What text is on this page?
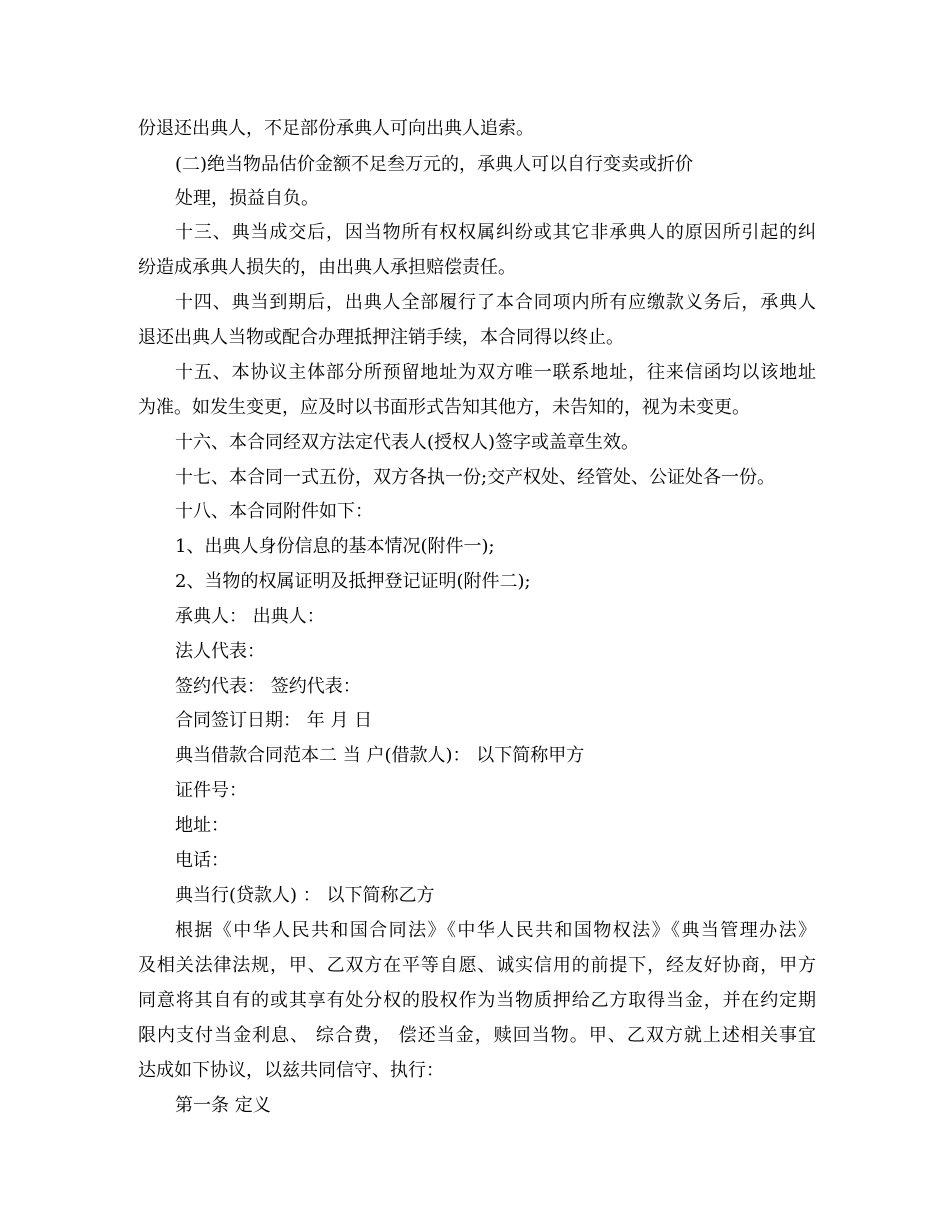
份退还出典人，不足部份承典人可向出典人追索。
(二)绝当物品估价金额不足叁万元的，承典人可以自行变卖或折价
处理，损益自负。
十三、典当成交后，因当物所有权权属纠纷或其它非承典人的原因所引起的纠
纷造成承典人损失的，由出典人承担赔偿责任。
十四、典当到期后，出典人全部履行了本合同项内所有应缴款义务后，承典人
退还出典人当物或配合办理抵押注销手续，本合同得以终止。
十五、本协议主体部分所预留地址为双方唯一联系地址，往来信函均以该地址
为准。如发生变更，应及时以书面形式告知其他方，未告知的，视为未变更。
十六、本合同经双方法定代表人(授权人)签字或盖章生效。
十七、本合同一式五份，双方各执一份;交产权处、经管处、公证处各一份。
十八、本合同附件如下：
1、出典人身份信息的基本情况(附件一);
2、当物的权属证明及抵押登记证明(附件二);
承典人： 出典人：
法人代表：
签约代表： 签约代表：
合同签订日期： 年 月 日
典当借款合同范本二 当 户(借款人)： 以下简称甲方
证件号：
地址：
电话：
典当行(贷款人) ： 以下简称乙方
根据《中华人民共和国合同法》《中华人民共和国物权法》《典当管理办法》
及相关法律法规，甲、乙双方在平等自愿、诚实信用的前提下，经友好协商，甲方
同意将其自有的或其享有处分权的股权作为当物质押给乙方取得当金，并在约定期
限内支付当金利息、 综合费， 偿还当金，赎回当物。甲、乙双方就上述相关事宜
达成如下协议，以兹共同信守、执行：
第一条 定义
